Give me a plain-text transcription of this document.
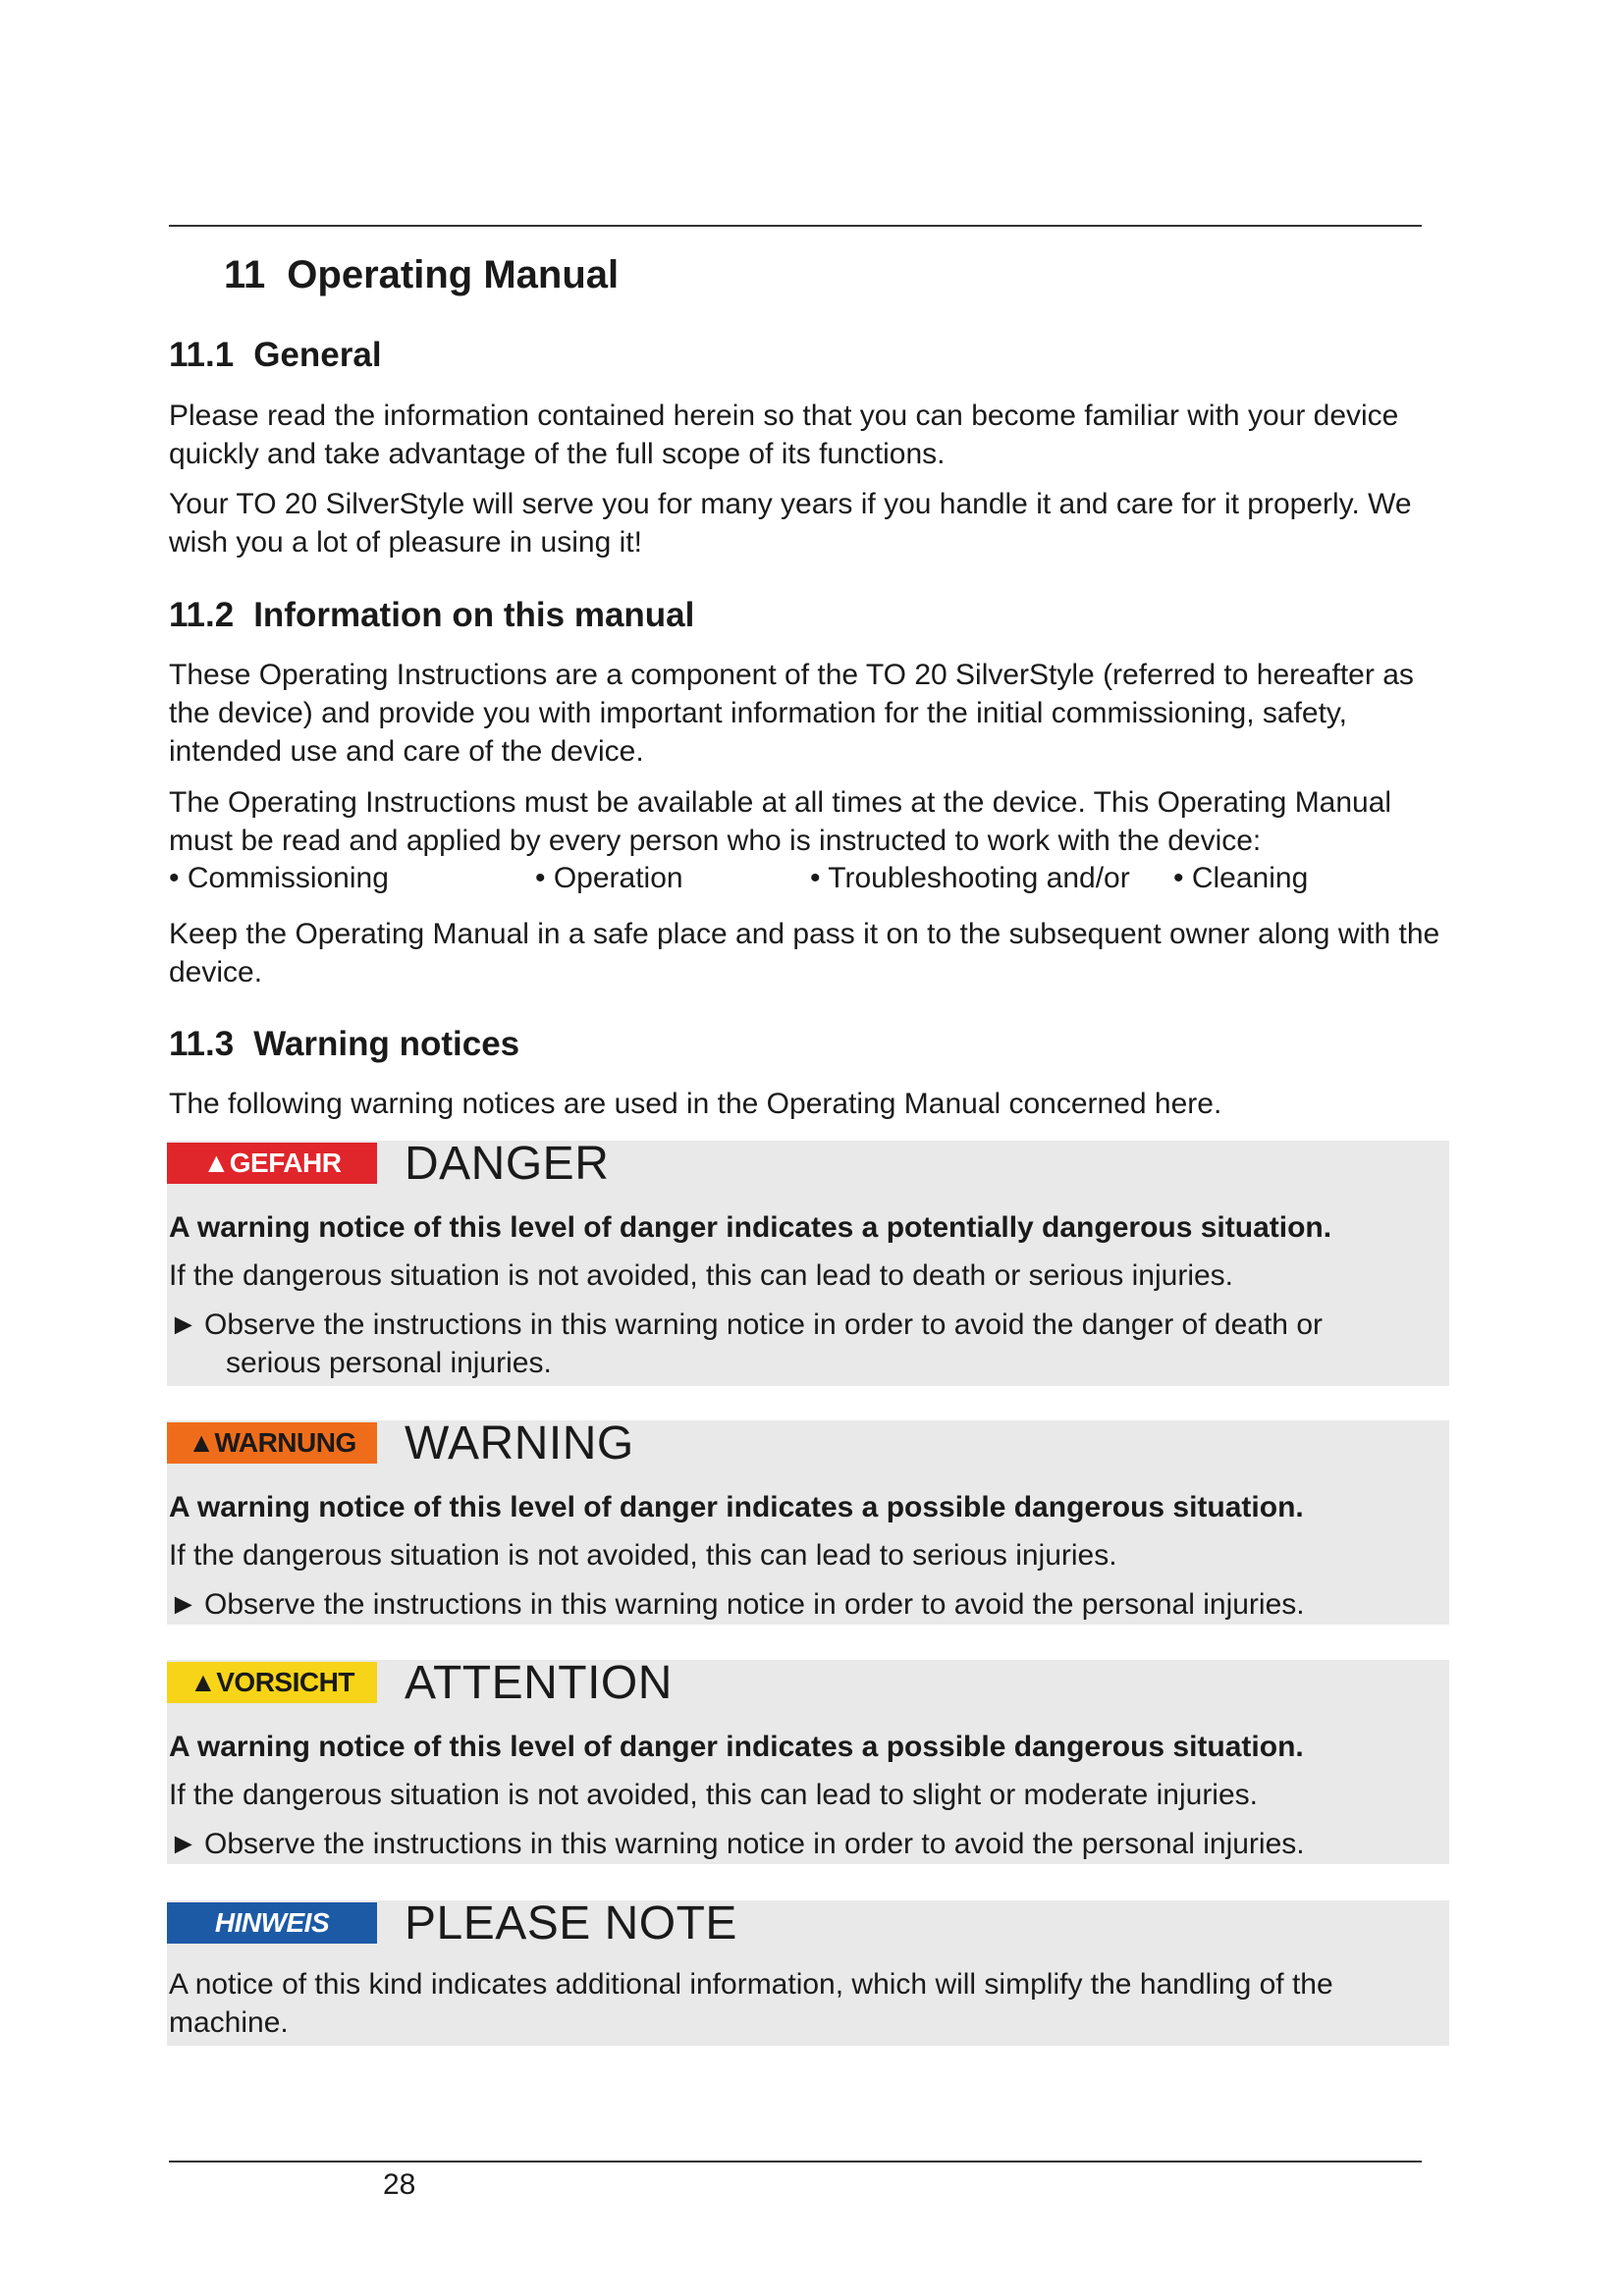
11 Operating Manual
11.1 General
Please read the information contained herein so that you can become familiar with your device quickly and take advantage of the full scope of its functions.
Your TO 20 SilverStyle will serve you for many years if you handle it and care for it properly. We wish you a lot of pleasure in using it!
11.2 Information on this manual
These Operating Instructions are a component of the TO 20 SilverStyle (referred to hereafter as the device) and provide you with important information for the initial commissioning, safety, intended use and care of the device.
The Operating Instructions must be available at all times at the device. This Operating Manual must be read and applied by every person who is instructed to work with the device:
• Commissioning	• Operation	• Troubleshooting and/or • Cleaning
Keep the Operating Manual in a safe place and pass it on to the subsequent owner along with the device.
11.3 Warning notices
The following warning notices are used in the Operating Manual concerned here.
▲GEFAHR	DANGER
A warning notice of this level of danger indicates a potentially dangerous situation.
If the dangerous situation is not avoided, this can lead to death or serious injuries.
► Observe the instructions in this warning notice in order to avoid the danger of death or
serious personal injuries.
▲WARNUNG	WARNING
A warning notice of this level of danger indicates a possible dangerous situation.
If the dangerous situation is not avoided, this can lead to serious injuries.
► Observe the instructions in this warning notice in order to avoid the personal injuries.
▲VORSICHT	ATTENTION
A warning notice of this level of danger indicates a possible dangerous situation.
If the dangerous situation is not avoided, this can lead to slight or moderate injuries.
► Observe the instructions in this warning notice in order to avoid the personal injuries.
HINWEIS	PLEASE NOTE
A notice of this kind indicates additional information, which will simplify the handling of the machine.
28
